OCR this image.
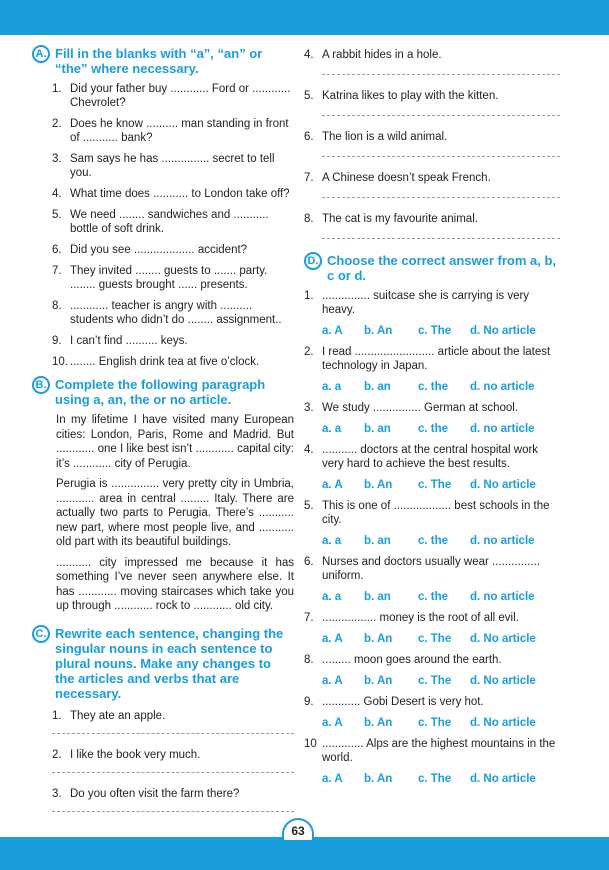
A. Fill in the blanks with “a”, “an” or “the” where necessary.
1. Did your father buy ............ Ford or ............ Chevrolet?
2. Does he know .......... man standing in front of ........... bank?
3. Sam says he has ............... secret to tell you.
4. What time does ........... to London take off?
5. We need ........ sandwiches and ........... bottle of soft drink.
6. Did you see ................... accident?
7. They invited ........ guests to ....... party. ........ guests brought ...... presents.
8. ............ teacher is angry with .......... students who didn’t do ........ assignment..
9. I can’t find .......... keys.
10. ........ English drink tea at five o’clock.
B. Complete the following paragraph using a, an, the or no article.

In my lifetime I have visited many European cities: London, Paris, Rome and Madrid. But ............ one I like best isn’t ............ capital city: it’s ............ city of Perugia.

Perugia is ............... very pretty city in Umbria, ............ area in central ......... Italy. There are actually two parts to Perugia. There’s ........... new part, where most people live, and ........... old part with its beautiful buildings.

........... city impressed me because it has something I’ve never seen anywhere else. It has ............ moving staircases which take you up through ............ rock to ............ old city.

C. Rewrite each sentence, changing the singular nouns in each sentence to plural nouns. Make any changes to the articles and verbs that are necessary.
1. They ate an apple.
2. I like the book very much.
3. Do you often visit the farm there?
4. A rabbit hides in a hole.
5. Katrina likes to play with the kitten.
6. The lion is a wild animal.
7. A Chinese doesn’t speak French.
8. The cat is my favourite animal.
D. Choose the correct answer from a, b, c or d.
1. ............... suitcase she is carrying is very heavy.
a. A	b. An	c. The	d. No article
2. I read ......................... article about the latest technology in Japan.
a. a	b. an	c. the	d. no article
3. We study ............... German at school.
a. a	b. an	c. the	d. no article
4. ........... doctors at the central hospital work very hard to achieve the best results.
a. A	b. An	c. The	d. No article
5. This is one of .................. best schools in the city.
a. a	b. an	c. the	d. no article
6. Nurses and doctors usually wear ............... uniform.
a. a	b. an	c. the	d. no article
7. ................. money is the root of all evil.
a. A	b. An	c. The	d. No article
8. ......... moon goes around the earth.
a. A	b. An	c. The	d. No article
9. ............ Gobi Desert is very hot.
a. A	b. An	c. The	d. No article
10 ............. Alps are the highest mountains in the world.
a. A	b. An	c. The	d. No article
63
